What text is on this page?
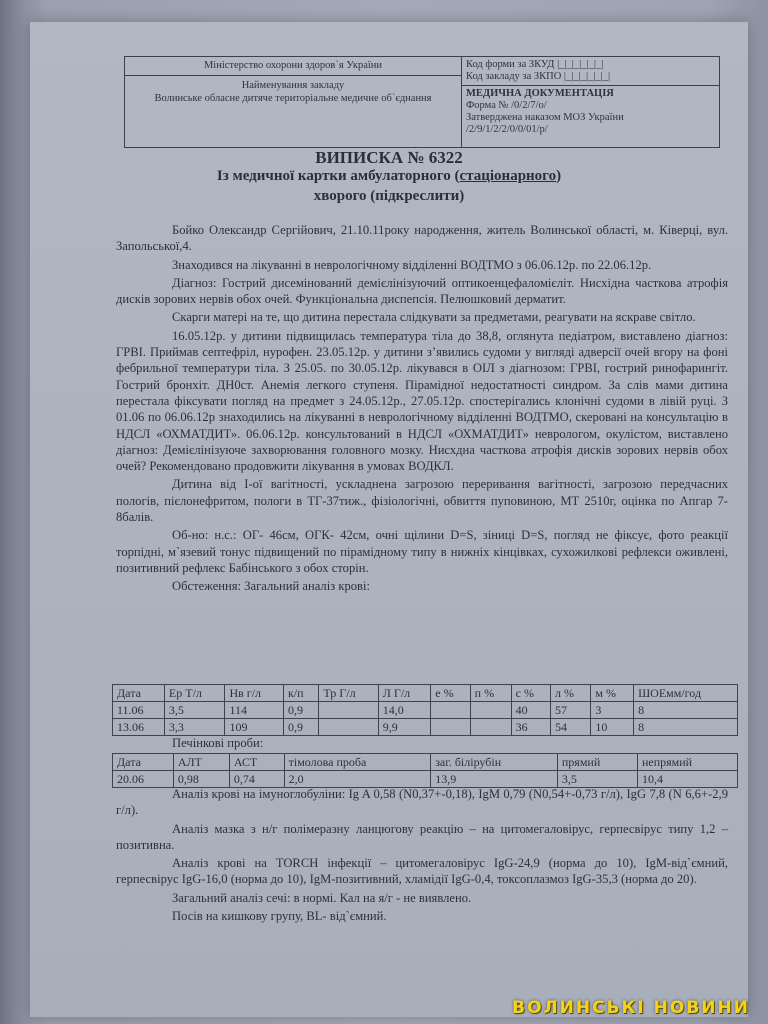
Міністерство охорони здоров`я України
Найменування закладу
Волинське обласне дитяче територіальне медичне об`єднання
	Код форми за ЗКУД |_|_|_|_|_|_|
Код закладу за ЗКПО |_|_|_|_|_|_|
МЕДИЧНА ДОКУМЕНТАЦІЯ
Форма № /0/2/7/о/
Затверджена наказом МОЗ України
/2/9/1/2/2/0/0/01/р/
ВИПИСКА № 6322
Із медичної картки амбулаторного (стаціонарного)
хворого (підкреслити)

Бойко Олександр Сергійович, 21.10.11року народження, житель Волинської області, м. Ківерці, вул. Запольської,4.

Знаходився на лікуванні в неврологічному відділенні ВОДТМО з 06.06.12р. по 22.06.12р.

Діагноз: Гострий дисемінований демієлінізуючий оптикоенцефаломієліт. Нисхідна часткова атрофія дисків зорових нервів обох очей. Функціональна диспепсія. Пелюшковий дерматит.

Скарги матері на те, що дитина перестала слідкувати за предметами, реагувати на яскраве світло.

16.05.12р. у дитини підвищилась температура тіла до 38,8, оглянута педіатром, виставлено діагноз: ГРВІ. Приймав септефріл, нурофен. 23.05.12р. у дитини з’явились судоми у вигляді адверсії очей вгору на фоні фебрильної температури тіла. З 25.05. по 30.05.12р. лікувався в ОІЛ з діагнозом: ГРВІ, гострий ринофарингіт. Гострий бронхіт. ДН0ст. Анемія легкого ступеня. Пірамідної недостатності синдром. За слів мами дитина перестала фіксувати погляд на предмет з 24.05.12р., 27.05.12р. спостерігались клонічні судоми в лівій руці. З 01.06 по 06.06.12р знаходились на лікуванні в неврологічному відділенні ВОДТМО, скеровані на консультацію в НДСЛ «ОХМАТДИТ». 06.06.12р. консультований в НДСЛ «ОХМАТДИТ» неврологом, окулістом, виставлено діагноз: Демієлінізуюче захворювання головного мозку. Нисхдна часткова атрофія дисків зорових нервів обох очей? Рекомендовано продовжити лікування в умовах ВОДКЛ.

Дитина від І-ої вагітності, ускладнена загрозою переривання вагітності, загрозою передчасних пологів, пієлонефритом, пологи в ТГ-37тиж., фізіологічні, обвиття пуповиною, МТ 2510г, оцінка по Апгар 7-8балів.

Об-но: н.с.: ОГ- 46см, ОГК- 42см, очні щілини D=S, зіниці D=S, погляд не фіксує, фото реакції торпідні, м`язевий тонус підвищений по пірамідному типу в нижніх кінцівках, сухожилкові рефлекси оживлені, позитивний рефлекс Бабінського з обох сторін.

Обстеження: Загальний аналіз крові:

Дата	Ер Т/л	Нв г/л	к/п	Тр Г/л	Л Г/л	е %	п %	с %	л %	м %	ШОЕмм/год
11.06	3,5	114	0,9		14,0			40	57	3	8
13.06	3,3	109	0,9		9,9			36	54	10	8

Печінкові проби:

Дата	АЛТ	АСТ	тімолова проба	заг. білірубін	прямий	непрямий
20.06	0,98	0,74	2,0	13,9	3,5	10,4

Аналіз крові на імуноглобуліни: Ig A 0,58 (N0,37+-0,18), IgM 0,79 (N0,54+-0,73 г/л), IgG 7,8 (N 6,6+-2,9 г/л).

Аналіз мазка з н/г полімеразну ланцюгову реакцію – на цитомегаловірус, герпесвірус типу 1,2 – позитивна.

Аналіз крові на TORCH інфекції – цитомегаловірус IgG-24,9 (норма до 10), IgM-від`ємний, герпесвірус IgG-16,0 (норма до 10), IgM-позитивний, хламідії IgG-0,4, токсоплазмоз IgG-35,3 (норма до 20).

Загальний аналіз сечі: в нормі. Кал на я/г - не виявлено.

Посів на кишкову групу, BL- від`ємний.

ВОЛИНСЬКІ НОВИНИ
